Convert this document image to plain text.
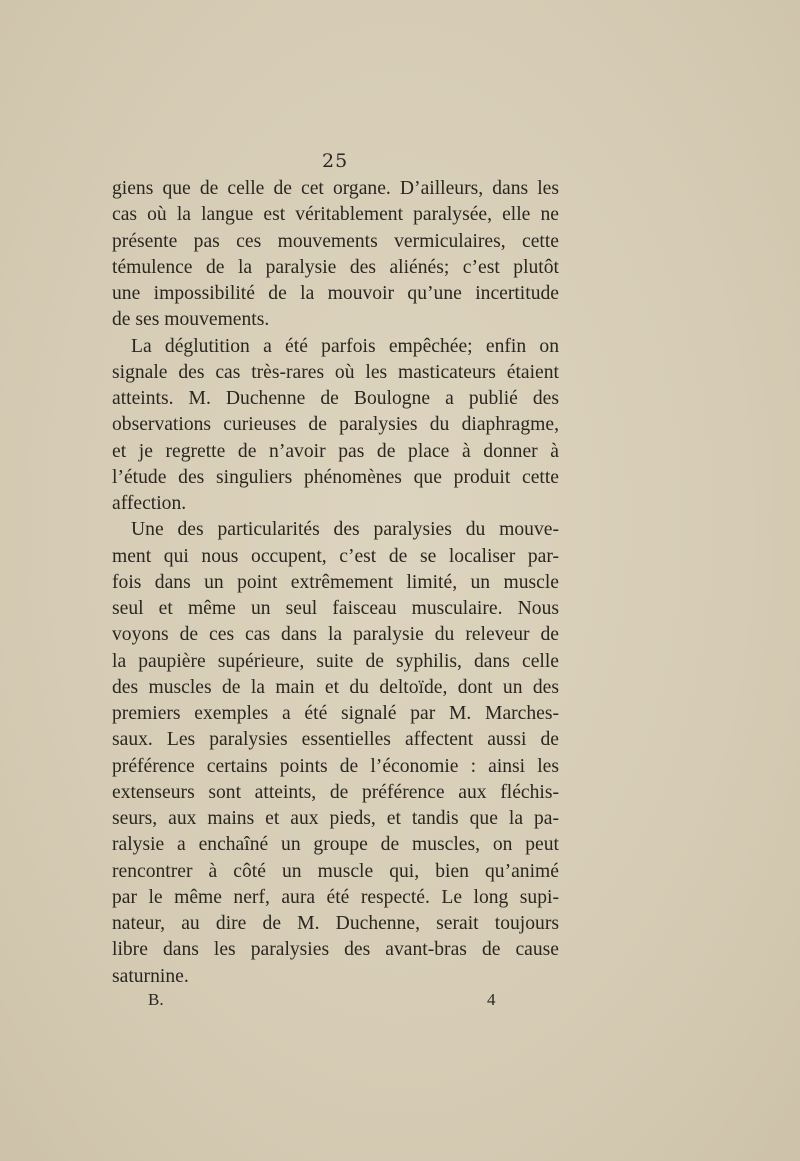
25
giens que de celle de cet organe. D’ailleurs, dans les
cas où la langue est véritablement paralysée, elle ne
présente pas ces mouvements vermiculaires, cette
témulence de la paralysie des aliénés; c’est plutôt
une impossibilité de la mouvoir qu’une incertitude
de ses mouvements.
La déglutition a été parfois empêchée; enfin on
signale des cas très-rares où les masticateurs étaient
atteints. M. Duchenne de Boulogne a publié des
observations curieuses de paralysies du diaphragme,
et je regrette de n’avoir pas de place à donner à
l’étude des singuliers phénomènes que produit cette
affection.
Une des particularités des paralysies du mouve-
ment qui nous occupent, c’est de se localiser par-
fois dans un point extrêmement limité, un muscle
seul et même un seul faisceau musculaire. Nous
voyons de ces cas dans la paralysie du releveur de
la paupière supérieure, suite de syphilis, dans celle
des muscles de la main et du deltoïde, dont un des
premiers exemples a été signalé par M. Marches-
saux. Les paralysies essentielles affectent aussi de
préférence certains points de l’économie : ainsi les
extenseurs sont atteints, de préférence aux fléchis-
seurs, aux mains et aux pieds, et tandis que la pa-
ralysie a enchaîné un groupe de muscles, on peut
rencontrer à côté un muscle qui, bien qu’animé
par le même nerf, aura été respecté. Le long supi-
nateur, au dire de M. Duchenne, serait toujours
libre dans les paralysies des avant-bras de cause
saturnine.
B.	4
